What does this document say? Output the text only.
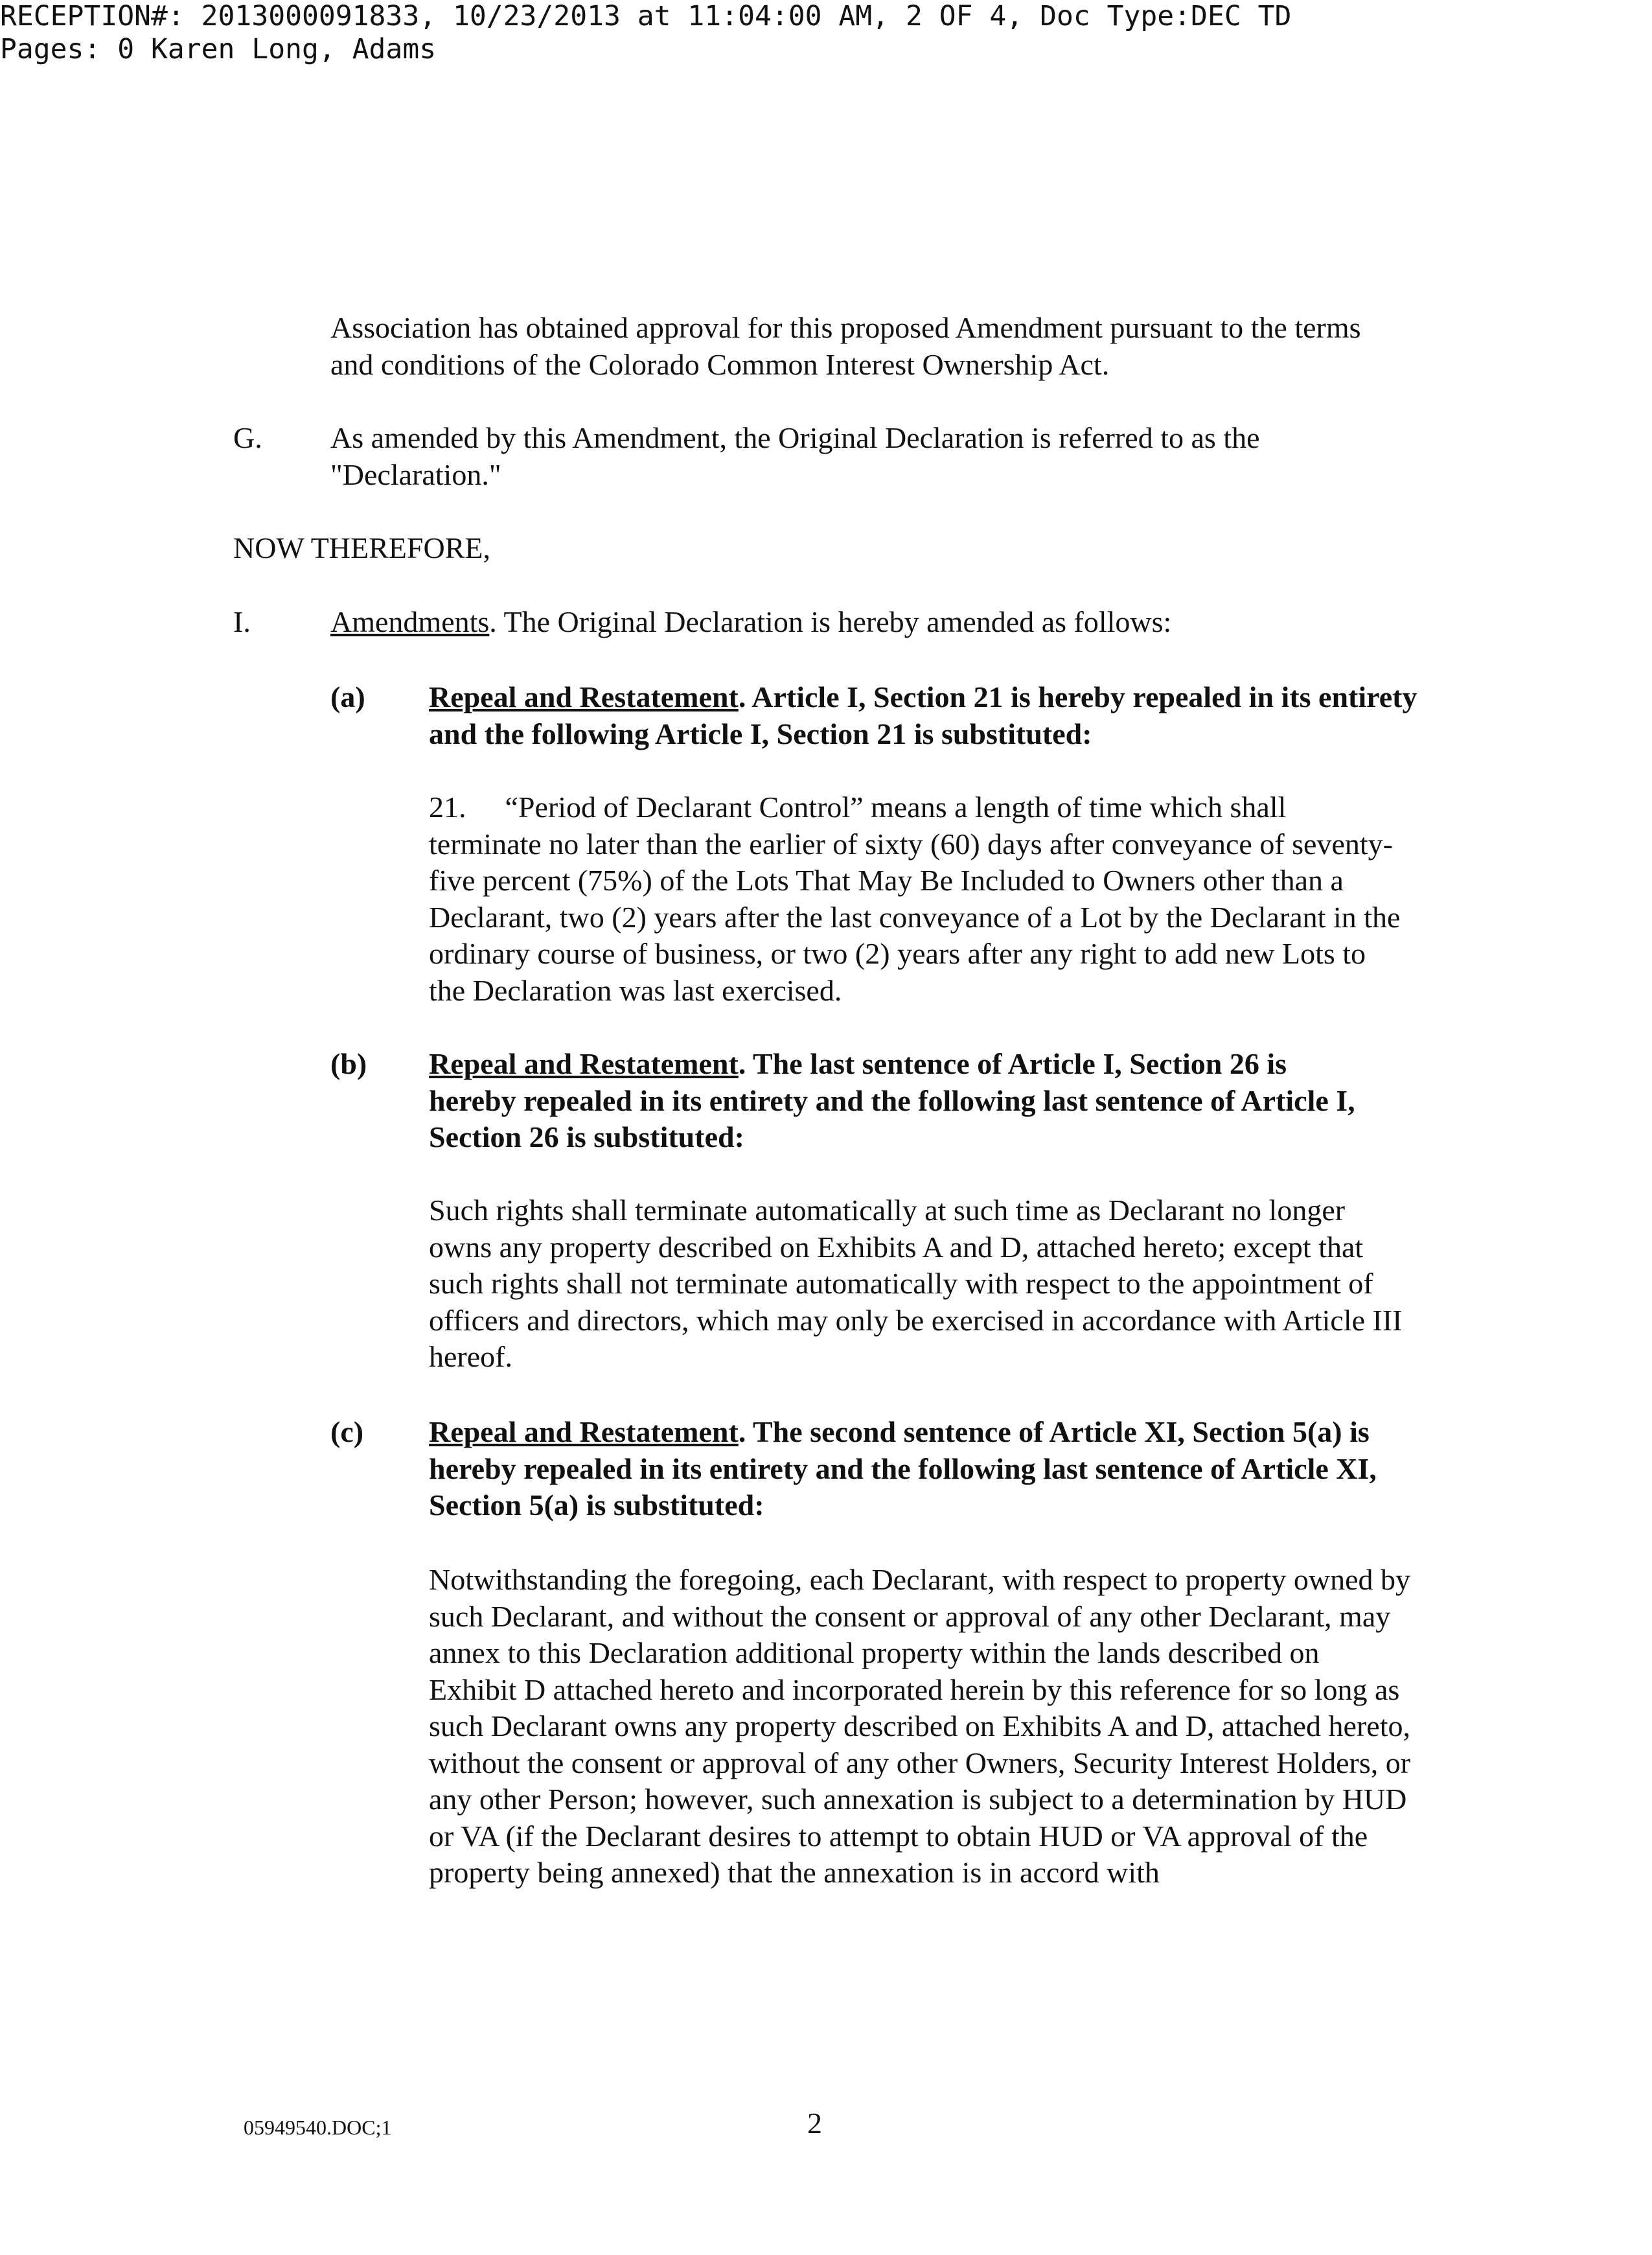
RECEPTION#: 2013000091833, 10/23/2013 at 11:04:00 AM, 2 OF 4, Doc Type:DEC TD
Pages: 0 Karen Long, Adams

Association has obtained approval for this proposed Amendment pursuant to the terms and conditions of the Colorado Common Interest Ownership Act.

G. As amended by this Amendment, the Original Declaration is referred to as the "Declaration."

NOW THEREFORE,

I.	Amendments. The Original Declaration is hereby amended as follows:

(a) Repeal and Restatement. Article I, Section 21 is hereby repealed in its entirety and the following Article I, Section 21 is substituted:

21. “Period of Declarant Control” means a length of time which shall terminate no later than the earlier of sixty (60) days after conveyance of seventy-five percent (75%) of the Lots That May Be Included to Owners other than a Declarant, two (2) years after the last conveyance of a Lot by the Declarant in the ordinary course of business, or two (2) years after any right to add new Lots to the Declaration was last exercised.

(b) Repeal and Restatement. The last sentence of Article I, Section 26 is hereby repealed in its entirety and the following last sentence of Article I, Section 26 is substituted:

Such rights shall terminate automatically at such time as Declarant no longer owns any property described on Exhibits A and D, attached hereto; except that such rights shall not terminate automatically with respect to the appointment of officers and directors, which may only be exercised in accordance with Article III hereof.

(c) Repeal and Restatement. The second sentence of Article XI, Section 5(a) is hereby repealed in its entirety and the following last sentence of Article XI, Section 5(a) is substituted:

Notwithstanding the foregoing, each Declarant, with respect to property owned by such Declarant, and without the consent or approval of any other Declarant, may annex to this Declaration additional property within the lands described on Exhibit D attached hereto and incorporated herein by this reference for so long as such Declarant owns any property described on Exhibits A and D, attached hereto, without the consent or approval of any other Owners, Security Interest Holders, or any other Person; however, such annexation is subject to a determination by HUD or VA (if the Declarant desires to attempt to obtain HUD or VA approval of the property being annexed) that the annexation is in accord with

05949540.DOC;1	2
